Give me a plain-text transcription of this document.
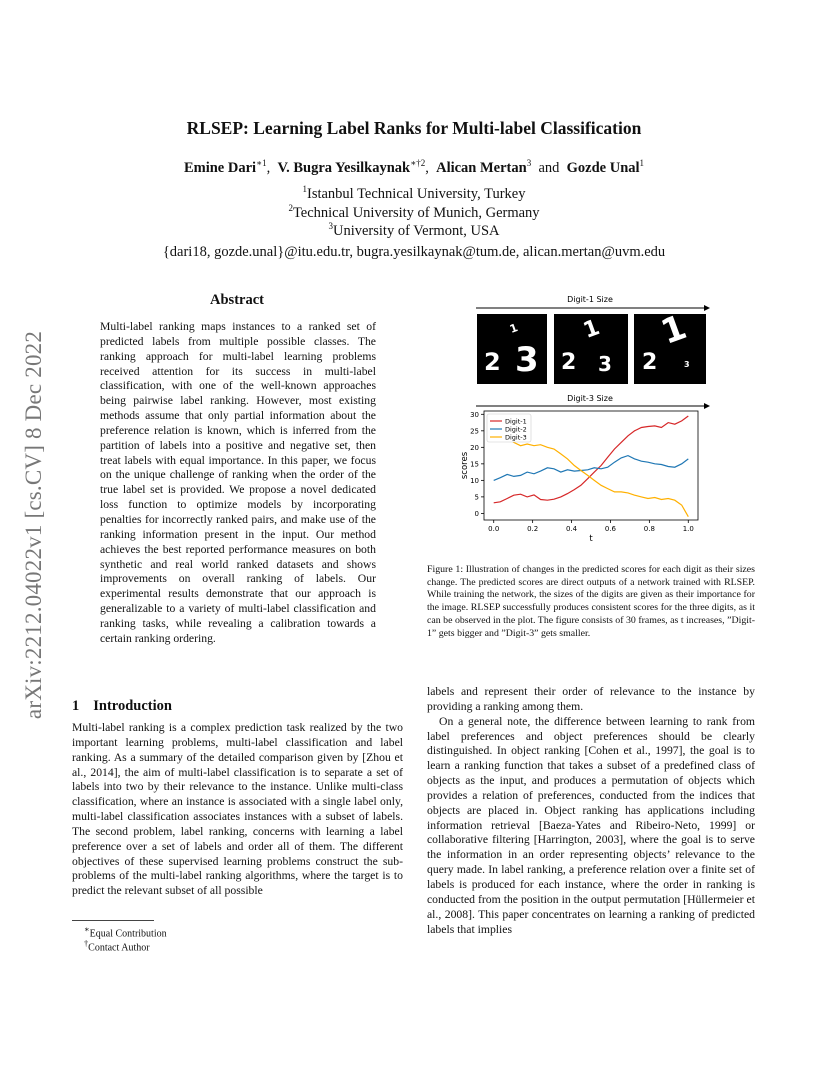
RLSEP: Learning Label Ranks for Multi-label Classification
Emine Dari$^{∗1}$,  V. Bugra Yesilkaynak$^{∗\dagger 2}$,  Alican Mertan$^3$ and Gozde Unal$^1$
$^1$Istanbul Technical University, Turkey
$^2$Technical University of Munich, Germany
$^3$University of Vermont, USA
{dari18, gozde.unal}@itu.edu.tr, bugra.yesilkaynak@tum.de, alican.mertan@uvm.edu
arXiv:2212.04022v1 [cs.CV] 8 Dec 2022
Abstract
Multi-label ranking maps instances to a ranked set of predicted labels from multiple possible classes. The ranking approach for multi-label learning problems received attention for its success in multi-label classification, with one of the well-known approaches being pairwise label ranking. However, most existing methods assume that only partial information about the preference relation is known, which is inferred from the partition of labels into a positive and negative set, then treat labels with equal importance. In this paper, we focus on the unique challenge of ranking when the order of the true label set is provided. We propose a novel dedicated loss function to optimize models by incorporating penalties for incorrectly ranked pairs, and make use of the ranking information present in the input. Our method achieves the best reported performance measures on both synthetic and real world ranked datasets and shows improvements on overall ranking of labels. Our experimental results demonstrate that our approach is generalizable to a variety of multi-label classification and ranking tasks, while revealing a calibration towards a certain ranking ordering.
1 Introduction
Multi-label ranking is a complex prediction task realized by the two important learning problems, multi-label classification and label ranking. As a summary of the detailed comparison given by [Zhou et al., 2014], the aim of multi-label classification is to separate a set of labels into two by their relevance to the instance. Unlike multi-class classification, where an instance is associated with a single label only, multi-label classification associates instances with a subset of labels. The second problem, label ranking, concerns with learning a label preference over a set of labels and order all of them. The different objectives of these supervised learning problems construct the sub-problems of the multi-label ranking algorithms, where the target is to predict the relevant subset of all possible
∗Equal Contribution
†Contact Author
Digit-1 Size
Digit-3 Size
0.0	0.2	0.4	0.6	0.8	1.0
0
5
10
15
20
25
30
t
scores
Digit-1
Digit-2
Digit-3
1
2 3
1
2 3
1
2	3
Figure 1: Illustration of changes in the predicted scores for each digit as their sizes change. The predicted scores are direct outputs of a network trained with RLSEP. While training the network, the sizes of the digits are given as their importance for the image. RLSEP successfully produces consistent scores for the three digits, as it can be observed in the plot. The figure consists of 30 frames, as t increases, ”Digit-1” gets bigger and ”Digit-3” gets smaller.

labels and represent their order of relevance to the instance by providing a ranking among them.

On a general note, the difference between learning to rank from label preferences and object preferences should be clearly distinguished. In object ranking [Cohen et al., 1997], the goal is to learn a ranking function that takes a subset of a predefined class of objects as the input, and produces a permutation of objects which provides a relation of preferences, conducted from the indices that objects are placed in. Object ranking has applications including information retrieval [Baeza-Yates and Ribeiro-Neto, 1999] or collaborative filtering [Harrington, 2003], where the goal is to serve the information in an order representing objects’ relevance to the query made. In label ranking, a preference relation over a finite set of labels is produced for each instance, where the order in ranking is conducted from the position in the output permutation [Hüllermeier et al., 2008]. This paper concentrates on learning a ranking of predicted labels that implies
